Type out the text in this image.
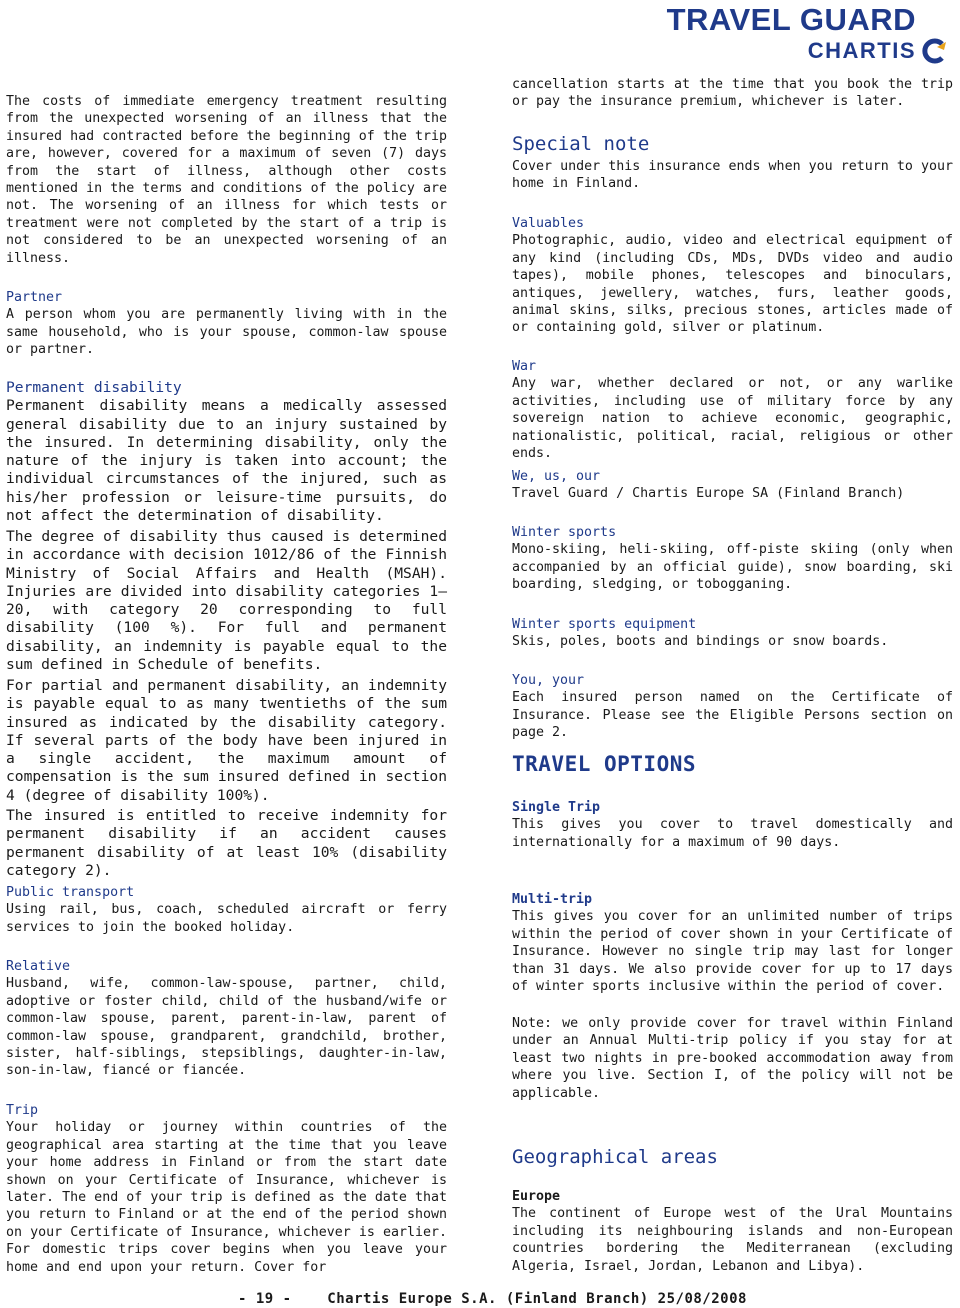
TRAVEL GUARD
CHARTIS

The costs of immediate emergency treatment resulting from the unexpected worsening of an illness that the insured had contracted before the beginning of the trip are, however, covered for a maximum of seven (7) days from the start of illness, although other costs mentioned in the terms and conditions of the policy are not. The worsening of an illness for which tests or treatment were not completed by the start of a trip is not considered to be an unexpected worsening of an illness.

Partner

A person whom you are permanently living with in the same household, who is your spouse, common-law spouse or partner.

Permanent disability

Permanent disability means a medically assessed general disability due to an injury sustained by the insured. In determining disability, only the nature of the injury is taken into account; the individual circumstances of the injured, such as his/her profession or leisure-time pursuits, do not affect the determination of disability.

The degree of disability thus caused is determined in accordance with decision 1012/86 of the Finnish Ministry of Social Affairs and Health (MSAH). Injuries are divided into disability categories 1—20, with category 20 corresponding to full disability (100 %). For full and permanent disability, an indemnity is payable equal to the sum defined in Schedule of benefits.

For partial and permanent disability, an indemnity is payable equal to as many twentieths of the sum insured as indicated by the disability category. If several parts of the body have been injured in a single accident, the maximum amount of compensation is the sum insured defined in section 4 (degree of disability 100%).

The insured is entitled to receive indemnity for permanent disability if an accident causes permanent disability of at least 10% (disability category 2).

Public transport

Using rail, bus, coach, scheduled aircraft or ferry services to join the booked holiday.

Relative

Husband, wife, common-law-spouse, partner, child, adoptive or foster child, child of the husband/wife or common-law spouse, parent, parent-in-law, parent of common-law spouse, grandparent, grandchild, brother, sister, half-siblings, stepsiblings, daughter-in-law, son-in-law, fiancé or fiancée.

Trip

Your holiday or journey within countries of the geographical area starting at the time that you leave your home address in Finland or from the start date shown on your Certificate of Insurance, whichever is later. The end of your trip is defined as the date that you return to Finland or at the end of the period shown on your Certificate of Insurance, whichever is earlier. For domestic trips cover begins when you leave your home and end upon your return. Cover for

cancellation starts at the time that you book the trip or pay the insurance premium, whichever is later.

Special note

Cover under this insurance ends when you return to your home in Finland.

Valuables

Photographic, audio, video and electrical equipment of any kind (including CDs, MDs, DVDs video and audio tapes), mobile phones, telescopes and binoculars, antiques, jewellery, watches, furs, leather goods, animal skins, silks, precious stones, articles made of or containing gold, silver or platinum.

War

Any war, whether declared or not, or any warlike activities, including use of military force by any sovereign nation to achieve economic, geographic, nationalistic, political, racial, religious or other ends.

We, us, our

Travel Guard / Chartis Europe SA (Finland Branch)

Winter sports

Mono-skiing, heli-skiing, off-piste skiing (only when accompanied by an official guide), snow boarding, ski boarding, sledging, or tobogganing.

Winter sports equipment

Skis, poles, boots and bindings or snow boards.

You, your

Each insured person named on the Certificate of Insurance. Please see the Eligible Persons section on page 2.

TRAVEL OPTIONS

Single Trip

This gives you cover to travel domestically and internationally for a maximum of 90 days.

Multi-trip

This gives you cover for an unlimited number of trips within the period of cover shown in your Certificate of Insurance. However no single trip may last for longer than 31 days. We also provide cover for up to 17 days of winter sports inclusive within the period of cover.

Note: we only provide cover for travel within Finland under an Annual Multi-trip policy if you stay for at least two nights in pre-booked accommodation away from where you live. Section I, of the policy will not be applicable.

Geographical areas

Europe

The continent of Europe west of the Ural Mountains including its neighbouring islands and non-European countries bordering the Mediterranean (excluding Algeria, Israel, Jordan, Lebanon and Libya).

- 19 -	Chartis Europe S.A. (Finland Branch) 25/08/2008
